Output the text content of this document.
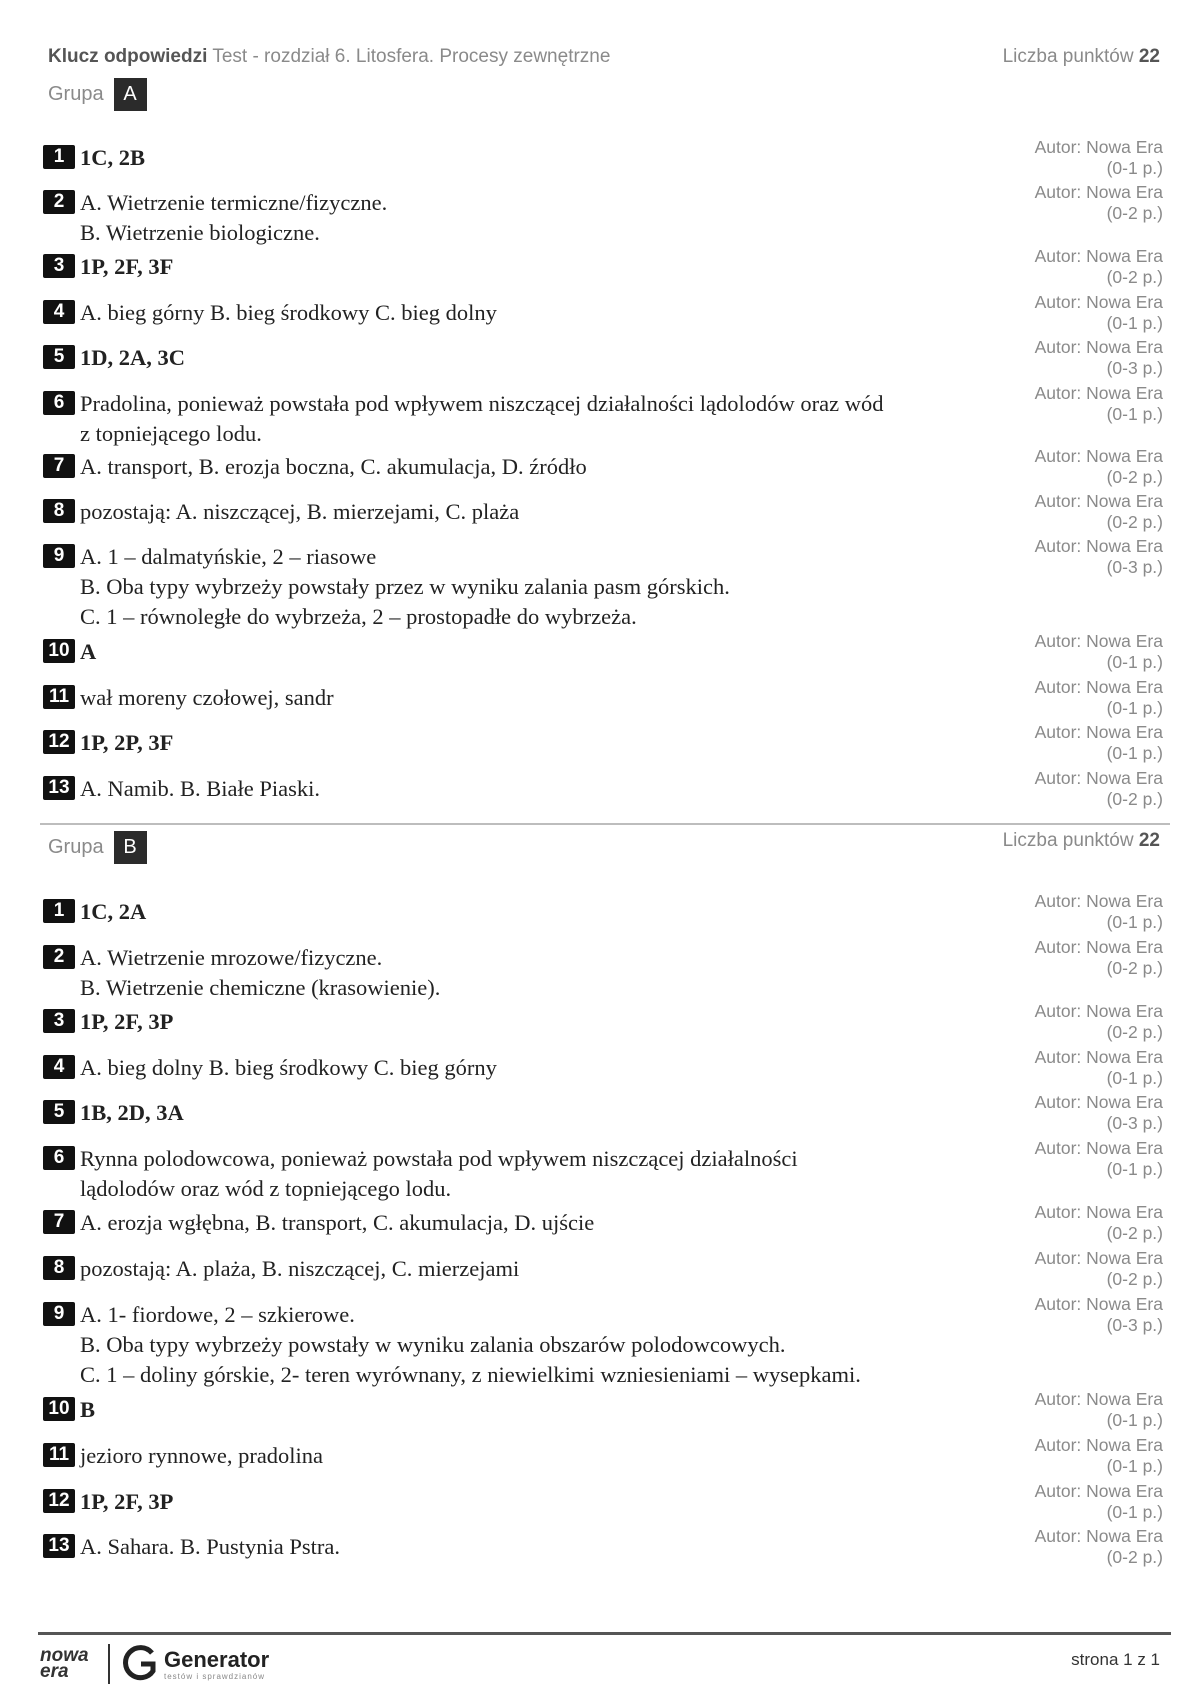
Klucz odpowiedzi Test - rozdział 6. Litosfera. Procesy zewnętrzne	Liczba punktów 22
Grupa A
1 1C, 2B	Autor: Nowa Era
(0-1 p.)
2 A. Wietrzenie termiczne/fizyczne.
B. Wietrzenie biologiczne.
Autor: Nowa Era
(0-2 p.)
3 1P, 2F, 3F	Autor: Nowa Era
(0-2 p.)
4 A. bieg górny B. bieg środkowy C. bieg dolny	Autor: Nowa Era
(0-1 p.)
5 1D, 2A, 3C	Autor: Nowa Era
(0-3 p.)
6 Pradolina, ponieważ powstała pod wpływem niszczącej działalności lądolodów oraz wód
z topniejącego lodu.
Autor: Nowa Era
(0-1 p.)
7 A. transport, B. erozja boczna, C. akumulacja, D. źródło	Autor: Nowa Era
(0-2 p.)
8 pozostają: A. niszczącej, B. mierzejami, C. plaża	Autor: Nowa Era
(0-2 p.)
9 A. 1 – dalmatyńskie, 2 – riasowe
B. Oba typy wybrzeży powstały przez w wyniku zalania pasm górskich.
C. 1 – równoległe do wybrzeża, 2 – prostopadłe do wybrzeża.
Autor: Nowa Era
(0-3 p.)
10 A	Autor: Nowa Era
(0-1 p.)
11 wał moreny czołowej, sandr	Autor: Nowa Era
(0-1 p.)
12 1P, 2P, 3F	Autor: Nowa Era
(0-1 p.)
13 A. Namib. B. Białe Piaski.	Autor: Nowa Era
(0-2 p.)
Liczba punktów 22
Grupa B
1 1C, 2A	Autor: Nowa Era
(0-1 p.)
2 A. Wietrzenie mrozowe/fizyczne.
B. Wietrzenie chemiczne (krasowienie).
Autor: Nowa Era
(0-2 p.)
3 1P, 2F, 3P	Autor: Nowa Era
(0-2 p.)
4 A. bieg dolny B. bieg środkowy C. bieg górny	Autor: Nowa Era
(0-1 p.)
5 1B, 2D, 3A	Autor: Nowa Era
(0-3 p.)
6 Rynna polodowcowa, ponieważ powstała pod wpływem niszczącej działalności
lądolodów oraz wód z topniejącego lodu.
Autor: Nowa Era
(0-1 p.)
7 A. erozja wgłębna, B. transport, C. akumulacja, D. ujście	Autor: Nowa Era
(0-2 p.)
8 pozostają: A. plaża, B. niszczącej, C. mierzejami	Autor: Nowa Era
(0-2 p.)
9 A. 1- fiordowe, 2 – szkierowe.
B. Oba typy wybrzeży powstały w wyniku zalania obszarów polodowcowych.
C. 1 – doliny górskie, 2- teren wyrównany, z niewielkimi wzniesieniami – wysepkami.
Autor: Nowa Era
(0-3 p.)
10 B	Autor: Nowa Era
(0-1 p.)
11 jezioro rynnowe, pradolina	Autor: Nowa Era
(0-1 p.)
12 1P, 2F, 3P	Autor: Nowa Era
(0-1 p.)
13 A. Sahara. B. Pustynia Pstra.	Autor: Nowa Era
(0-2 p.)
nowa
era	Generator
testów i sprawdzianów
strona 1 z 1
